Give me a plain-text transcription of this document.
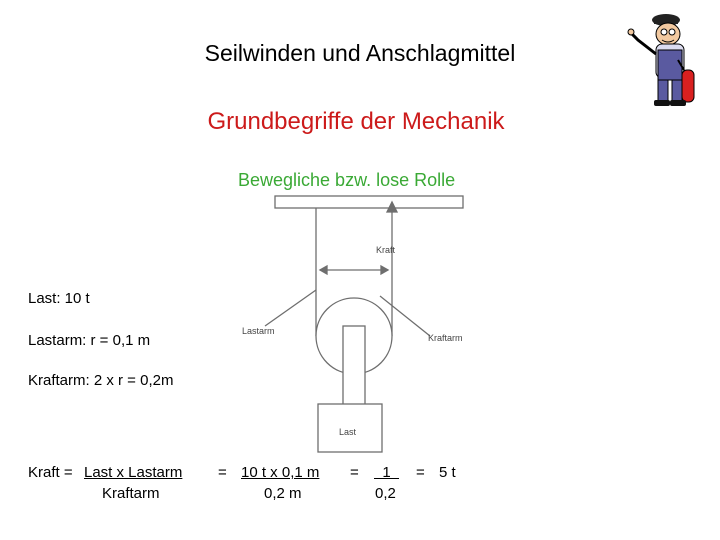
Seilwinden und Anschlagmittel
Grundbegriffe der Mechanik
Bewegliche bzw. lose Rolle
Kraft
Lastarm
Kraftarm
Last
Last: 10 t
Lastarm: r = 0,1 m
Kraftarm: 2 x r = 0,2m
Kraft = Last x Lastarm
Kraftarm
= 10 t x 0,1 m
0,2 m
= 1
0,2
= 5 t
